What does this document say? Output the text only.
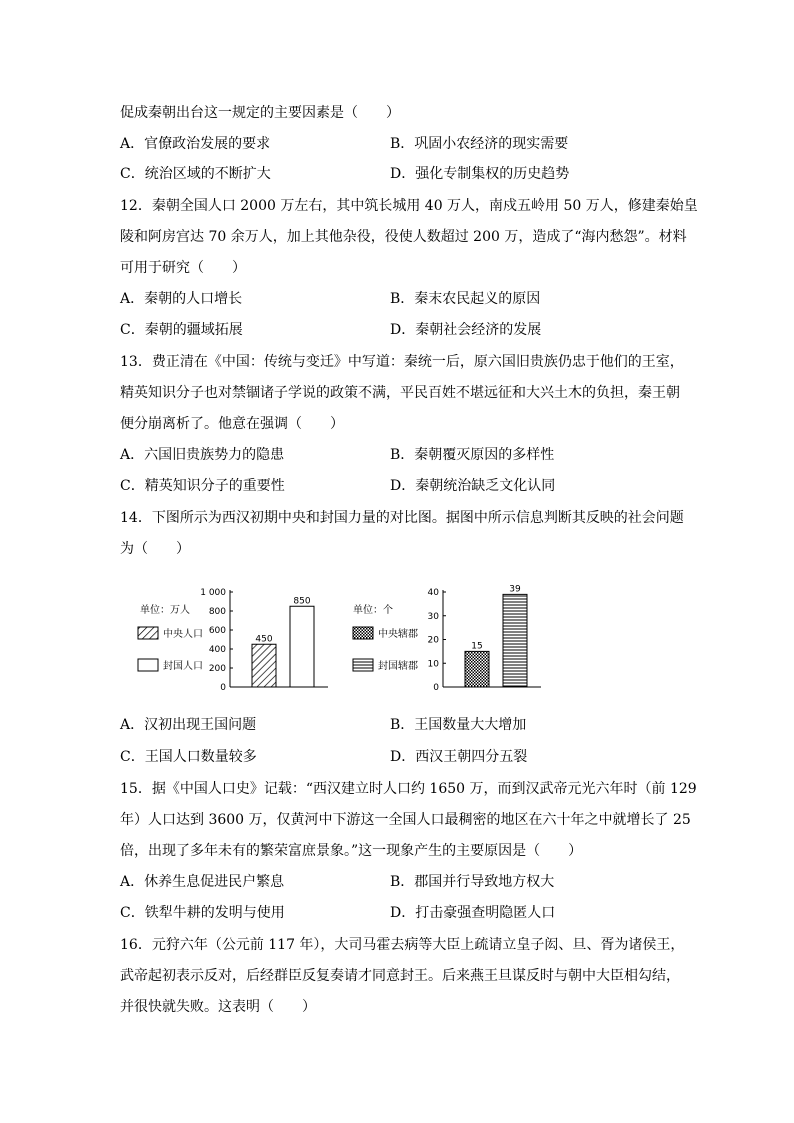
促成秦朝出台这一规定的主要因素是（　　）
A．官僚政治发展的要求	B．巩固小农经济的现实需要
C．统治区域的不断扩大	D．强化专制集权的历史趋势
12．秦朝全国人口 2000 万左右，其中筑长城用 40 万人，南戍五岭用 50 万人，修建秦始皇
陵和阿房宫达 70 余万人，加上其他杂役，役使人数超过 200 万，造成了“海内愁怨”。材料
可用于研究（　　）
A．秦朝的人口增长	B．秦末农民起义的原因
C．秦朝的疆域拓展	D．秦朝社会经济的发展
13．费正清在《中国：传统与变迁》中写道：秦统一后，原六国旧贵族仍忠于他们的王室，
精英知识分子也对禁锢诸子学说的政策不满，平民百姓不堪远征和大兴土木的负担，秦王朝
便分崩离析了。他意在强调（　　）
A．六国旧贵族势力的隐患	B．秦朝覆灭原因的多样性
C．精英知识分子的重要性	D．秦朝统治缺乏文化认同
14．下图所示为西汉初期中央和封国力量的对比图。据图中所示信息判断其反映的社会问题
为（　　）
单位：万人
中央人口
封国人口
0
200
400
600
800
1 000
450
850
单位：个
中央辖郡
封国辖郡
0
10
20
30
40
15
39
A．汉初出现王国问题	B．王国数量大大增加
C．王国人口数量较多	D．西汉王朝四分五裂
15．据《中国人口史》记载：“西汉建立时人口约 1650 万，而到汉武帝元光六年时（前 129
年）人口达到 3600 万，仅黄河中下游这一全国人口最稠密的地区在六十年之中就增长了 25
倍，出现了多年未有的繁荣富庶景象。”这一现象产生的主要原因是（　　）
A．休养生息促进民户繁息	B．郡国并行导致地方权大
C．铁犁牛耕的发明与使用	D．打击豪强查明隐匿人口
16．元狩六年（公元前 117 年），大司马霍去病等大臣上疏请立皇子闳、旦、胥为诸侯王，
武帝起初表示反对，后经群臣反复奏请才同意封王。后来燕王旦谋反时与朝中大臣相勾结，
并很快就失败。这表明（　　）
